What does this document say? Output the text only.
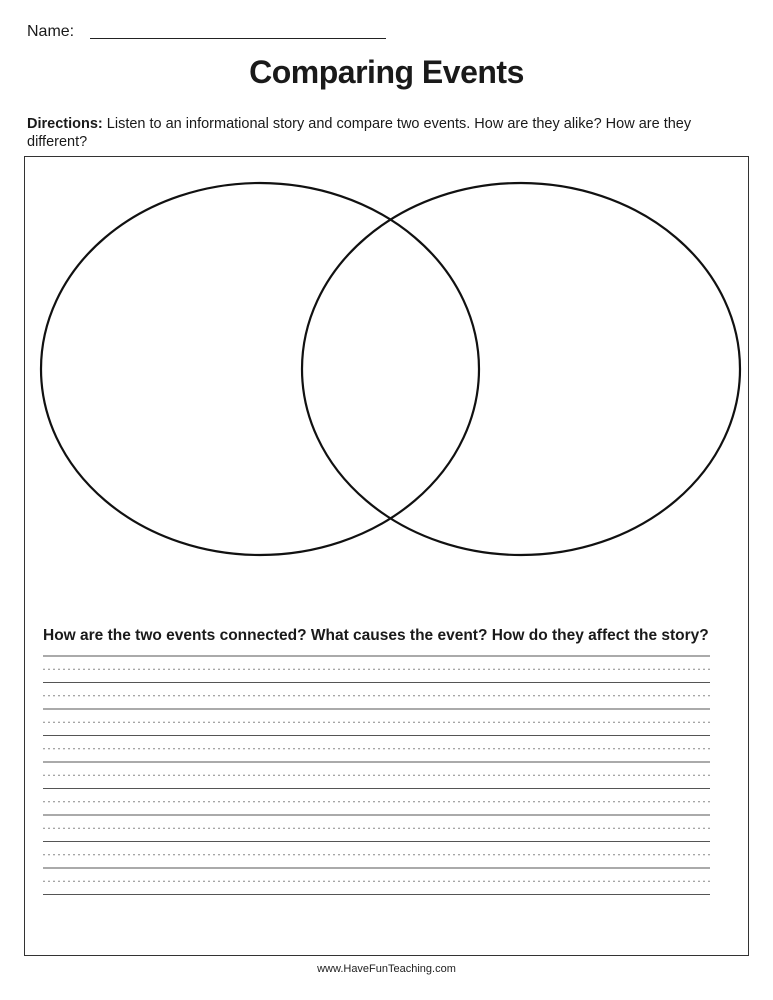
Name:
Comparing Events
Directions: Listen to an informational story and compare two events. How are they alike? How are they different?
How are the two events connected? What causes the event? How do they affect the story?
www.HaveFunTeaching.com
